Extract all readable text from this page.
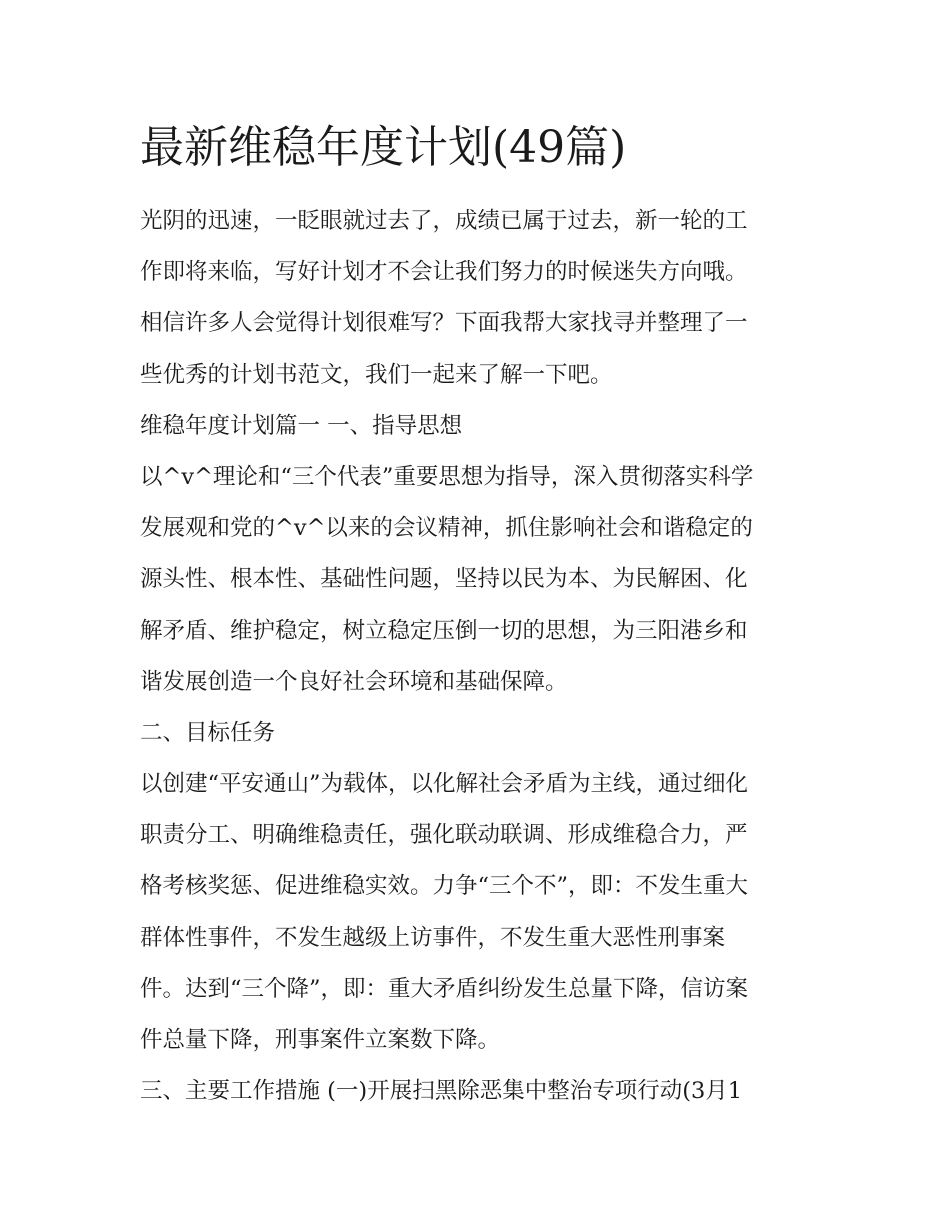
最新维稳年度计划(49篇)
光阴的迅速，一眨眼就过去了，成绩已属于过去，新一轮的工
作即将来临，写好计划才不会让我们努力的时候迷失方向哦。
相信许多人会觉得计划很难写？下面我帮大家找寻并整理了一
些优秀的计划书范文，我们一起来了解一下吧。
维稳年度计划篇一 一、指导思想
以^v^理论和“三个代表”重要思想为指导，深入贯彻落实科学
发展观和党的^v^以来的会议精神，抓住影响社会和谐稳定的
源头性、根本性、基础性问题，坚持以民为本、为民解困、化
解矛盾、维护稳定，树立稳定压倒一切的思想，为三阳港乡和
谐发展创造一个良好社会环境和基础保障。
二、目标任务
以创建“平安通山”为载体，以化解社会矛盾为主线，通过细化
职责分工、明确维稳责任，强化联动联调、形成维稳合力，严
格考核奖惩、促进维稳实效。力争“三个不”，即：不发生重大
群体性事件，不发生越级上访事件，不发生重大恶性刑事案
件。达到“三个降”，即：重大矛盾纠纷发生总量下降，信访案
件总量下降，刑事案件立案数下降。
三、主要工作措施 (一)开展扫黑除恶集中整治专项行动(3月1
